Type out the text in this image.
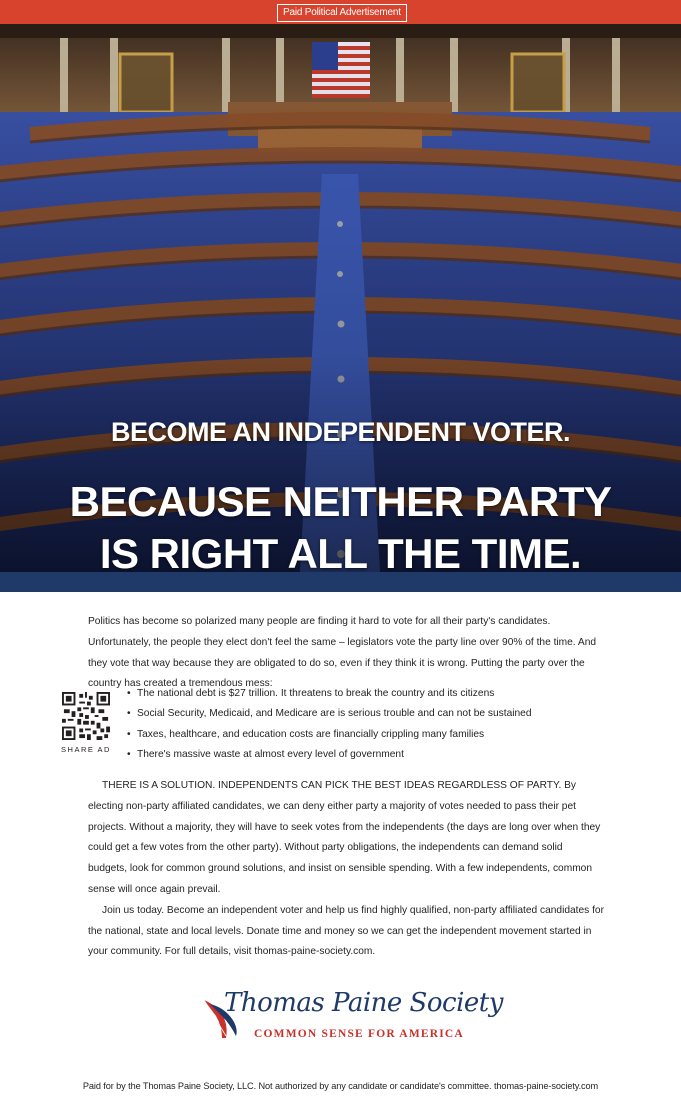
Paid Political Advertisement
BECOME AN INDEPENDENT VOTER.
BECAUSE NEITHER PARTY
IS RIGHT ALL THE TIME.
Politics has become so polarized many people are finding it hard to vote for all their party's candidates. Unfortunately, the people they elect don't feel the same – legislators vote the party line over 90% of the time. And they vote that way because they are obligated to do so, even if they think it is wrong. Putting the party over the country has created a tremendous mess:
SHARE AD
• The national debt is $27 trillion. It threatens to break the country and its citizens
• Social Security, Medicaid, and Medicare are is serious trouble and can not be sustained
• Taxes, healthcare, and education costs are financially crippling many families
• There's massive waste at almost every level of government

THERE IS A SOLUTION. INDEPENDENTS CAN PICK THE BEST IDEAS REGARDLESS OF PARTY. By electing non-party affiliated candidates, we can deny either party a majority of votes needed to pass their pet projects. Without a majority, they will have to seek votes from the independents (the days are long over when they could get a few votes from the other party). Without party obligations, the independents can demand solid budgets, look for common ground solutions, and insist on sensible spending. With a few independents, common sense will once again prevail.

Join us today. Become an independent voter and help us find highly qualified, non-party affiliated candidates for the national, state and local levels. Donate time and money so we can get the independent movement started in your community. For full details, visit thomas-paine-society.com.

Thomas Paine Society
COMMON SENSE FOR AMERICA
Paid for by the Thomas Paine Society, LLC. Not authorized by any candidate or candidate's committee. thomas-paine-society.com
